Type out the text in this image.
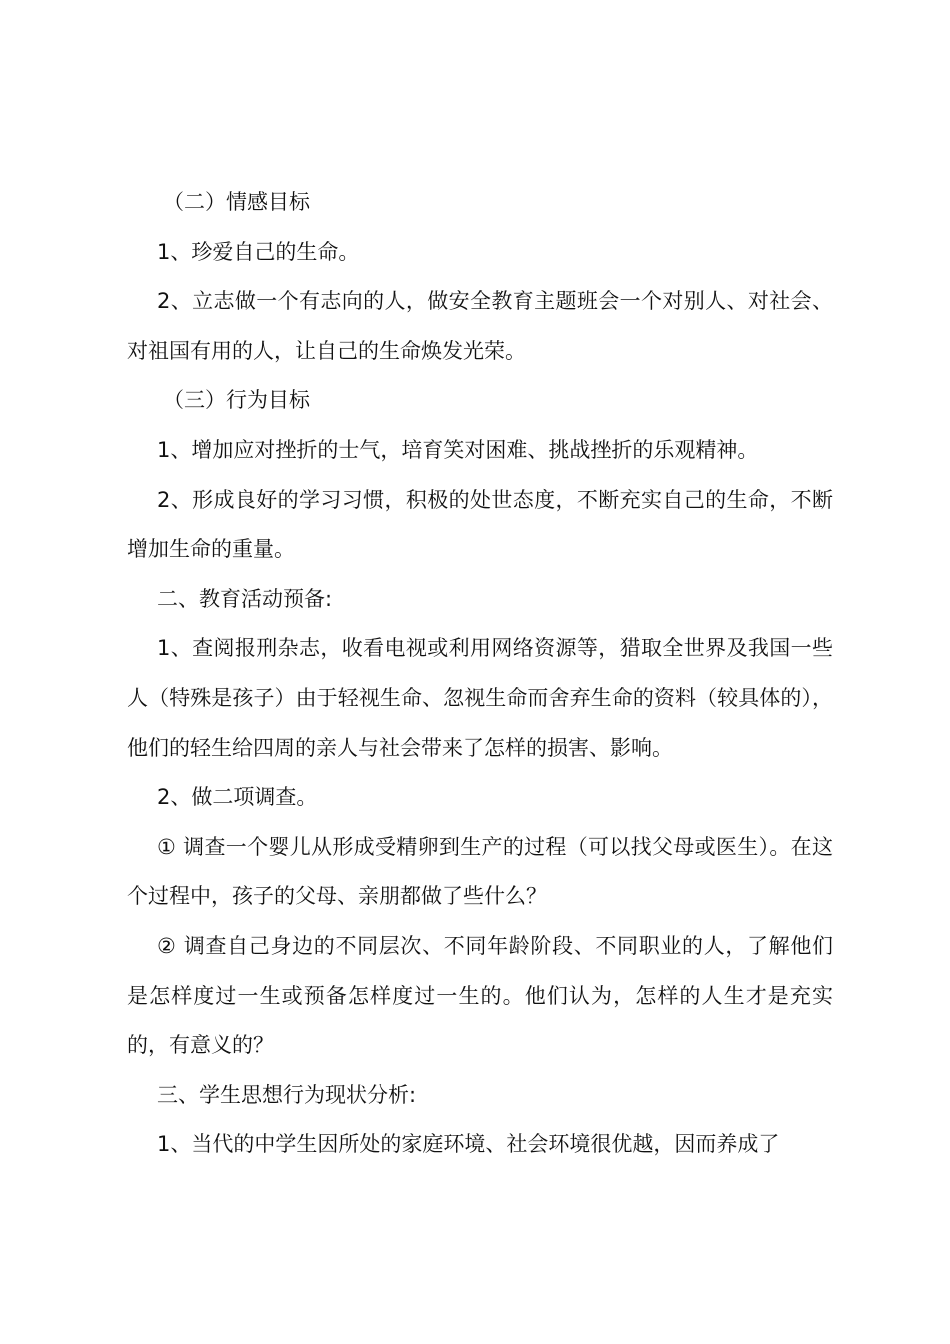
（二）情感目标

1、珍爱自己的生命。

2、立志做一个有志向的人，做安全教育主题班会一个对别人、对社会、对祖国有用的人，让自己的生命焕发光荣。

（三）行为目标

1、增加应对挫折的士气，培育笑对困难、挑战挫折的乐观精神。

2、形成良好的学习习惯，积极的处世态度，不断充实自己的生命，不断增加生命的重量。

二、教育活动预备:

1、查阅报刑杂志，收看电视或利用网络资源等，猎取全世界及我国一些人（特殊是孩子）由于轻视生命、忽视生命而舍弃生命的资料（较具体的），他们的轻生给四周的亲人与社会带来了怎样的损害、影响。

2、做二项调查。

① 调查一个婴儿从形成受精卵到生产的过程（可以找父母或医生）。在这个过程中，孩子的父母、亲朋都做了些什么？

② 调查自己身边的不同层次、不同年龄阶段、不同职业的人，了解他们是怎样度过一生或预备怎样度过一生的。他们认为，怎样的人生才是充实的，有意义的？

三、学生思想行为现状分析:

1、当代的中学生因所处的家庭环境、社会环境很优越，因而养成了
